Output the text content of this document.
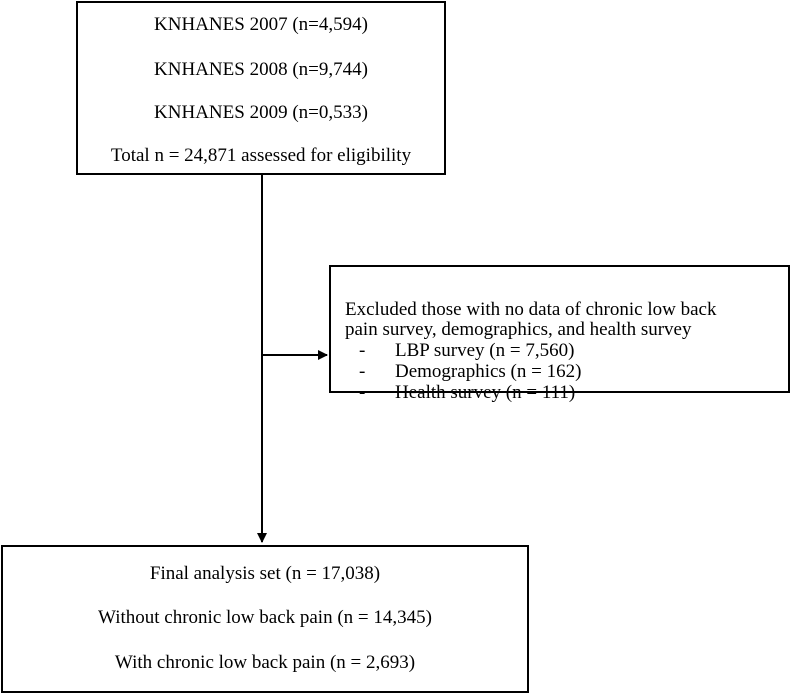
KNHANES 2007 (n=4,594)
KNHANES 2008 (n=9,744)
KNHANES 2009 (n=0,533)
Total n = 24,871 assessed for eligibility
Excluded those with no data of chronic low back
pain survey, demographics, and health survey
- LBP survey (n = 7,560)
- Demographics (n = 162)
- Health survey (n = 111)
Final analysis set (n = 17,038)
Without chronic low back pain (n = 14,345)
With chronic low back pain (n = 2,693)
